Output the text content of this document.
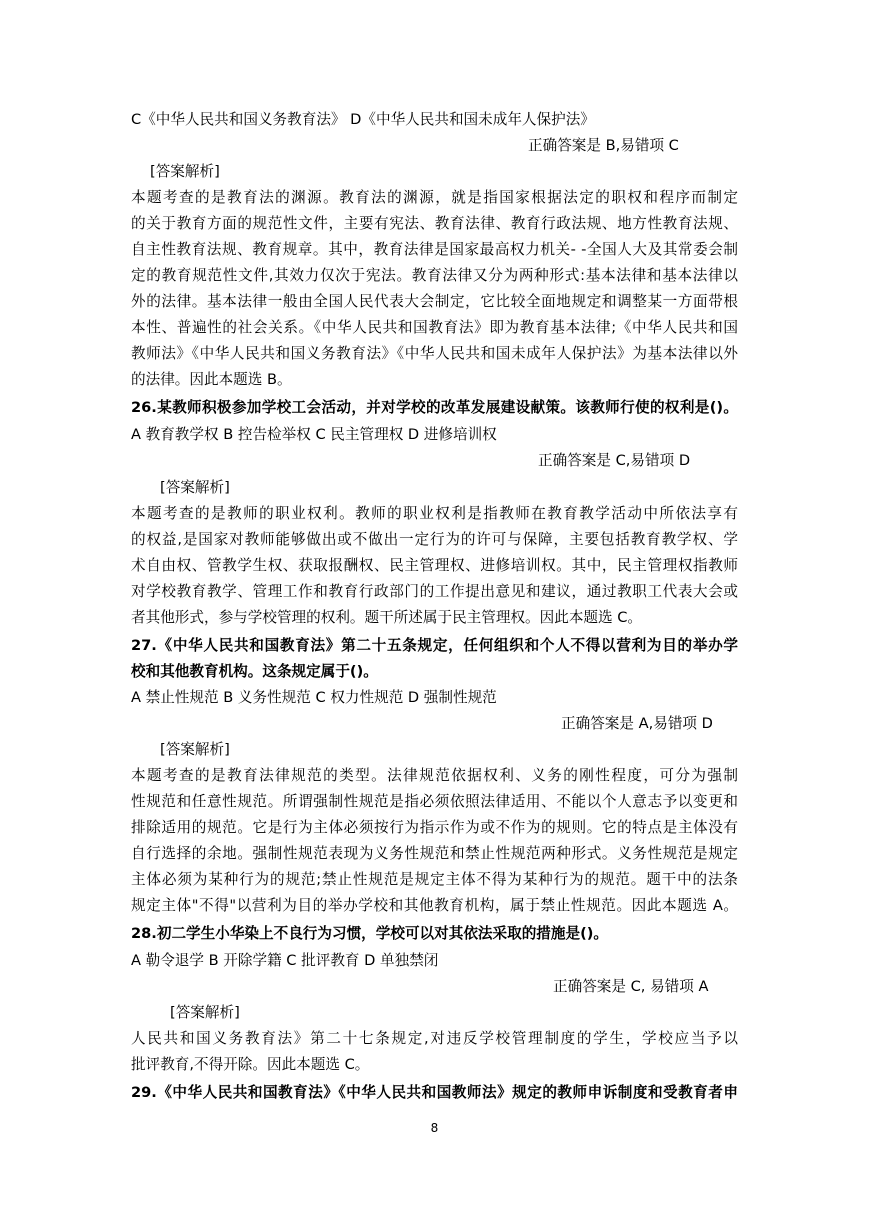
C《中华人民共和国义务教育法》 D《中华人民共和国未成年人保护法》
正确答案是 B,易错项 C
[答案解析]
本题考查的是教育法的渊源。教育法的渊源，就是指国家根据法定的职权和程序而制定
的关于教育方面的规范性文件，主要有宪法、教育法律、教育行政法规、地方性教育法规、
自主性教育法规、教育规章。其中，教育法律是国家最高权力机关- -全国人大及其常委会制
定的教育规范性文件,其效力仅次于宪法。教育法律又分为两种形式:基本法律和基本法律以
外的法律。基本法律一般由全国人民代表大会制定，它比较全面地规定和调整某一方面带根
本性、普遍性的社会关系。《中华人民共和国教育法》即为教育基本法律;《中华人民共和国
教师法》《中华人民共和国义务教育法》《中华人民共和国未成年人保护法》为基本法律以外
的法律。因此本题选 B。
26.某教师积极参加学校工会活动，并对学校的改革发展建设献策。该教师行使的权利是()。
A 教育教学权 B 控告检举权 C 民主管理权 D 进修培训权
正确答案是 C,易错项 D
[答案解析]
本题考查的是教师的职业权利。教师的职业权利是指教师在教育教学活动中所依法享有
的权益,是国家对教师能够做出或不做出一定行为的许可与保障，主要包括教育教学权、学
术自由权、管教学生权、获取报酬权、民主管理权、进修培训权。其中，民主管理权指教师
对学校教育教学、管理工作和教育行政部门的工作提出意见和建议，通过教职工代表大会或
者其他形式，参与学校管理的权利。题干所述属于民主管理权。因此本题选 C。
27.《中华人民共和国教育法》第二十五条规定，任何组织和个人不得以营利为目的举办学
校和其他教育机构。这条规定属于()。
A 禁止性规范 B 义务性规范 C 权力性规范 D 强制性规范
正确答案是 A,易错项 D
[答案解析]
本题考查的是教育法律规范的类型。法律规范依据权利、义务的刚性程度，可分为强制
性规范和任意性规范。所谓强制性规范是指必须依照法律适用、不能以个人意志予以变更和
排除适用的规范。它是行为主体必须按行为指示作为或不作为的规则。它的特点是主体没有
自行选择的余地。强制性规范表现为义务性规范和禁止性规范两种形式。义务性规范是规定
主体必须为某种行为的规范;禁止性规范是规定主体不得为某种行为的规范。题干中的法条
规定主体"不得"以营利为目的举办学校和其他教育机构，属于禁止性规范。因此本题选 A。
28.初二学生小华染上不良行为习惯，学校可以对其依法采取的措施是()。
A 勒令退学 B 开除学籍 C 批评教育 D 单独禁闭
正确答案是 C, 易错项 A
[答案解析]
人民共和国义务教育法》第二十七条规定,对违反学校管理制度的学生，学校应当予以
批评教育,不得开除。因此本题选 C。
29.《中华人民共和国教育法》《中华人民共和国教师法》规定的教师申诉制度和受教育者申
8
